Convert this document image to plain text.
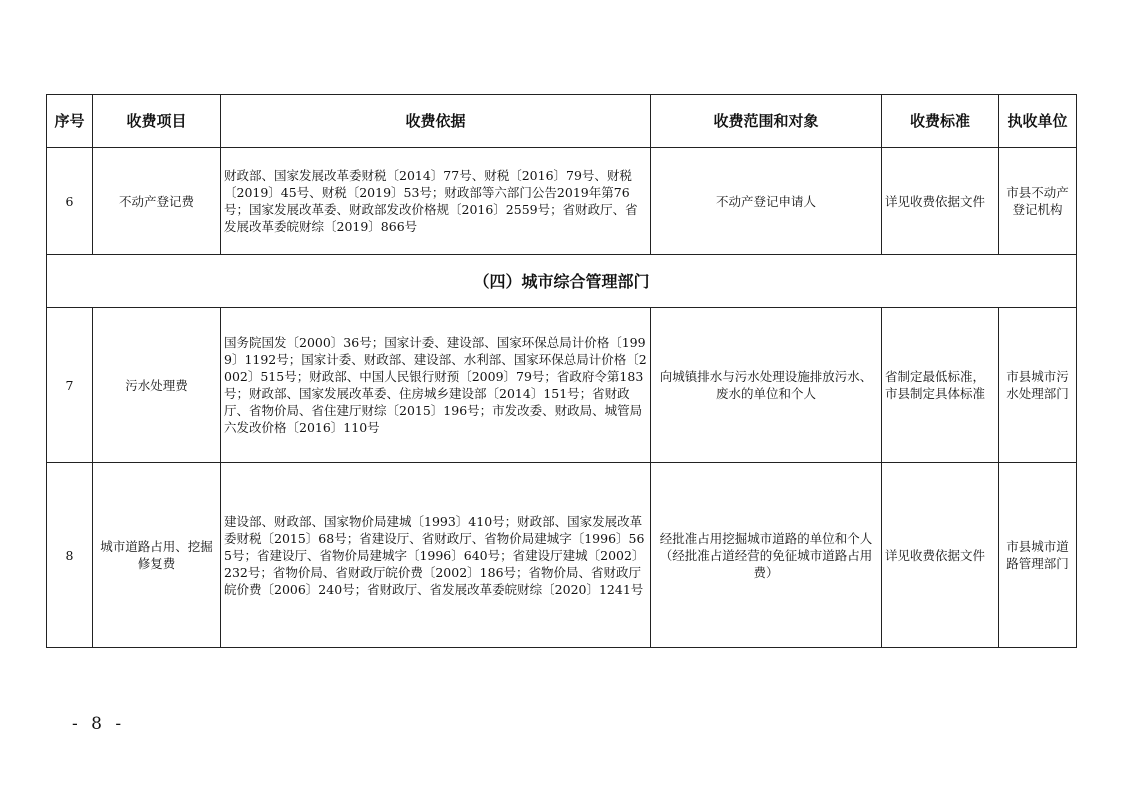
序号	收费项目	收费依据	收费范围和对象	收费标准	执收单位
6	不动产登记费	财政部、国家发展改革委财税〔2014〕77号、财税〔2016〕79号、财税〔2019〕45号、财税〔2019〕53号；财政部等六部门公告2019年第76号；国家发展改革委、财政部发改价格规〔2016〕2559号；省财政厅、省发展改革委皖财综〔2019〕866号	不动产登记申请人	详见收费依据文件	市县不动产登记机构
（四）城市综合管理部门					
7	污水处理费	国务院国发〔2000〕36号；国家计委、建设部、国家环保总局计价格〔1999〕1192号；国家计委、财政部、建设部、水利部、国家环保总局计价格〔2002〕515号；财政部、中国人民银行财预〔2009〕79号；省政府令第183号；财政部、国家发展改革委、住房城乡建设部〔2014〕151号；省财政厅、省物价局、省住建厅财综〔2015〕196号；市发改委、财政局、城管局六发改价格〔2016〕110号	向城镇排水与污水处理设施排放污水、废水的单位和个人	省制定最低标准，市县制定具体标准	市县城市污水处理部门
8	城市道路占用、挖掘修复费	建设部、财政部、国家物价局建城〔1993〕410号；财政部、国家发展改革委财税〔2015〕68号；省建设厅、省财政厅、省物价局建城字〔1996〕565号；省建设厅、省物价局建城字〔1996〕640号；省建设厅建城〔2002〕232号；省物价局、省财政厅皖价费〔2002〕186号；省物价局、省财政厅皖价费〔2006〕240号；省财政厅、省发展改革委皖财综〔2020〕1241号	经批准占用挖掘城市道路的单位和个人（经批准占道经营的免征城市道路占用费）	详见收费依据文件	市县城市道路管理部门
- 8 -
